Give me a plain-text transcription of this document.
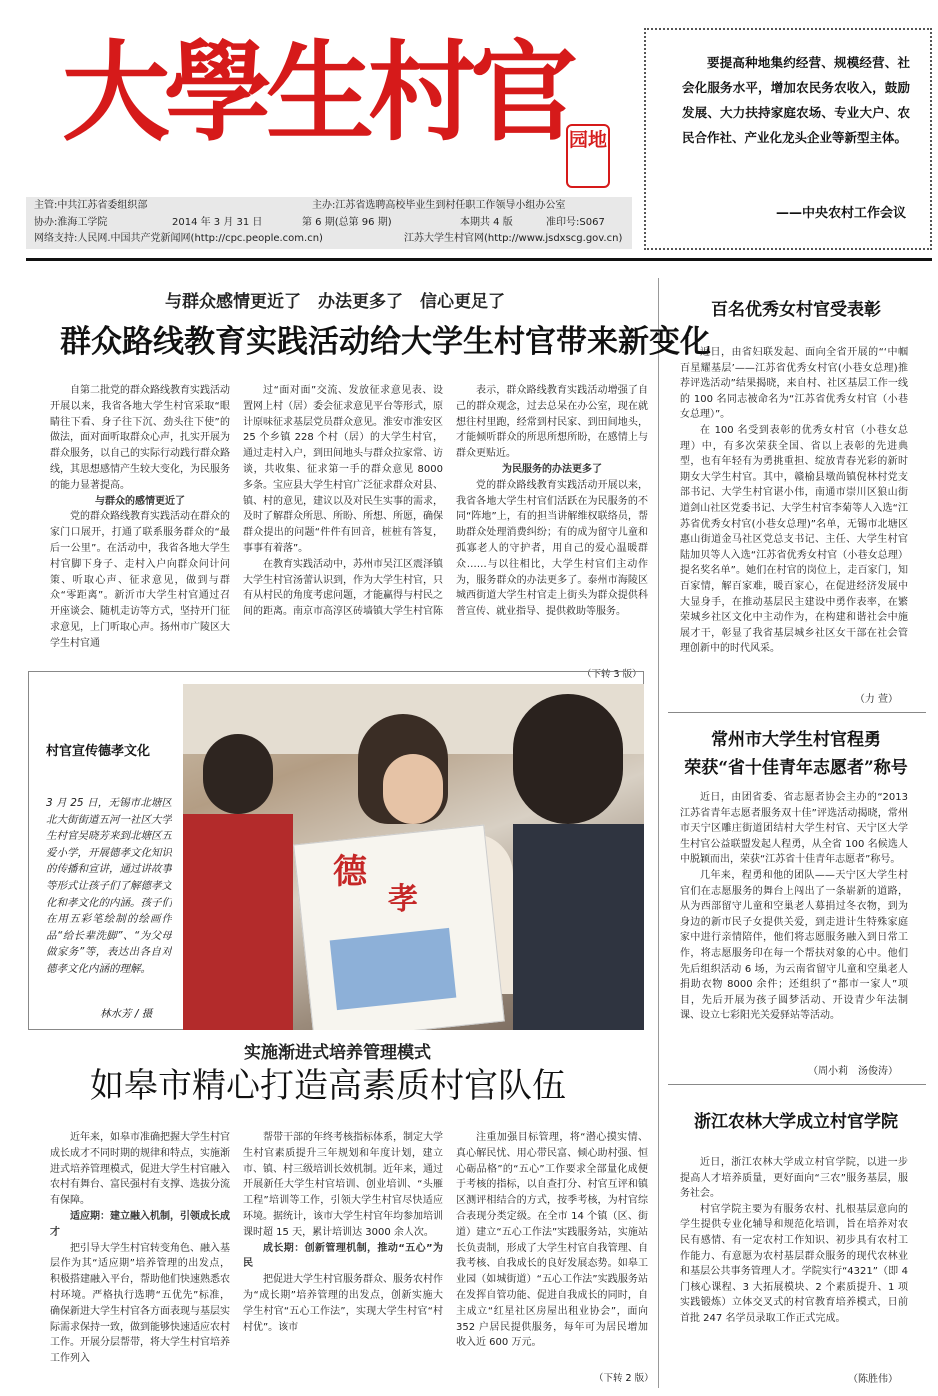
大學生村官
园地
要提高种地集约经营、规模经营、社会化服务水平，增加农民务农收入，鼓励发展、大力扶持家庭农场、专业大户、农民合作社、产业化龙头企业等新型主体。
——中央农村工作会议
主管:中共江苏省委组织部	主办:江苏省选聘高校毕业生到村任职工作领导小组办公室
协办:淮海工学院	2014 年 3 月 31 日	第 6 期(总第 96 期)	本期共 4 版	准印号:S067
网络支持:人民网.中国共产党新闻网(http://cpc.people.com.cn)	江苏大学生村官网(http://www.jsdxscg.gov.cn)
与群众感情更近了　办法更多了　信心更足了
群众路线教育实践活动给大学生村官带来新变化

自第二批党的群众路线教育实践活动开展以来，我省各地大学生村官采取“眼睛往下看、身子往下沉、劲头往下使”的做法，面对面听取群众心声，扎实开展为群众服务，以自己的实际行动践行群众路线，其思想感情产生较大变化，为民服务的能力显著提高。

与群众的感情更近了

党的群众路线教育实践活动在群众的家门口展开，打通了联系服务群众的“最后一公里”。在活动中，我省各地大学生村官脚下身子、走村入户向群众问计问策、听取心声、征求意见，做到与群众“零距离”。新沂市大学生村官通过召开座谈会、随机走访等方式，坚持开门征求意见，上门听取心声。扬州市广陵区大学生村官通

过“面对面”交流、发放征求意见表、设置网上村（居）委会征求意见平台等形式，原计原味征求基层党员群众意见。淮安市淮安区 25 个乡镇 228 个村（居）的大学生村官，通过走村入户，到田间地头与群众拉家常、访谈，共收集、征求第一手的群众意见 8000 多条。宝应县大学生村官广泛征求群众对县、镇、村的意见，建议以及对民生实事的需求，及时了解群众所思、所盼、所想、所愿，确保群众提出的问题“件件有回音，桩桩有答复，事事有着落”。

在教育实践活动中，苏州市吴江区震泽镇大学生村官汤蕾认识到，作为大学生村官，只有从村民的角度考虑问题，才能赢得与村民之间的距离。南京市高淳区砖墙镇大学生村官陈

表示，群众路线教育实践活动增强了自己的群众观念，过去总呆在办公室，现在就想往村里跑，经常到村民家、到田间地头，才能倾听群众的所思所想所盼，在感情上与群众更贴近。

为民服务的办法更多了

党的群众路线教育实践活动开展以来，我省各地大学生村官们活跃在为民服务的不同“阵地”上，有的担当讲解维权联络员，帮助群众处理消费纠纷；有的成为留守儿童和孤寡老人的守护者，用自己的爱心温暖群众……与以往相比，大学生村官们主动作为，服务群众的办法更多了。泰州市海陵区城西街道大学生村官走上街头为群众提供科普宣传、就业指导、提供救助等服务。

（下转 3 版）
村官宣传德孝文化
3 月 25 日，无锡市北塘区北大街街道五河一社区大学生村官吴晓芳来到北塘区五爱小学，开展德孝文化知识的传播和宣讲，通过讲故事等形式让孩子们了解德孝文化和孝文化的内涵。孩子们在用五彩笔绘制的绘画作品“给长辈洗脚”、“为父母做家务”等，表达出各自对德孝文化内涵的理解。
林水芳 / 摄
德
孝
实施渐进式培养管理模式
如皋市精心打造高素质村官队伍

近年来，如皋市准确把握大学生村官成长成才不同时期的规律和特点，实施渐进式培养管理模式，促进大学生村官融入农村有舞台、富民强村有支撑、选拔分流有保障。

适应期：建立融入机制，引领成长成才

把引导大学生村官转变角色、融入基层作为其“适应期”培养管理的出发点，积极搭建融入平台，帮助他们快速熟悉农村环境。严格执行选聘“五优先”标准，确保新进大学生村官各方面表现与基层实际需求保持一致，做到能够快速适应农村工作。开展分层帮带，将大学生村官培养工作列入

帮带干部的年终考核指标体系，制定大学生村官素质提升三年规划和年度计划，建立市、镇、村三级培训长效机制。近年来，通过开展新任大学生村官培训、创业培训、“头雁工程”培训等工作，引领大学生村官尽快适应环境。据统计，该市大学生村官年均参加培训课时超 15 天，累计培训达 3000 余人次。

成长期：创新管理机制，推动“五心”为民

把促进大学生村官服务群众、服务农村作为“成长期”培养管理的出发点，创新实施大学生村官“五心工作法”，实现大学生村官“村村优”。该市

注重加强目标管理，将“潜心摸实情、真心解民忧、用心带民富、倾心助村强、恒心砺品格”的“五心”工作要求全部量化成便于考核的指标，以自查打分、村官互评和镇区测评相结合的方式，按季考核，为村官综合表现分类定级。在全市 14 个镇（区、街道）建立“五心工作法”实践服务站，实施站长负责制，形成了大学生村官自我管理、自我考核、自我成长的良好发展态势。如皋工业园（如城街道）“五心工作法”实践服务站在发挥自管功能、促进自我成长的同时，自主成立“红星社区房屋出租业协会”，面向 352 户居民提供服务，每年可为居民增加收入近 600 万元。

（下转 2 版）
百名优秀女村官受表彰

近日，由省妇联发起、面向全省开展的“‘中帼百星耀基层’——江苏省优秀女村官(小巷女总理)推荐评选活动”结果揭晓，来自村、社区基层工作一线的 100 名同志被命名为“江苏省优秀女村官（小巷女总理）”。

在 100 名受到表彰的优秀女村官（小巷女总理）中，有多次荣获全国、省以上表彰的先进典型，也有年轻有为勇挑重担、绽放青春光彩的新时期女大学生村官。其中，赣榆县墩尚镇倪林村党支部书记、大学生村官谌小伟，南通市崇川区狼山街道剑山社区党委书记、大学生村官李菊等人入选“江苏省优秀女村官(小巷女总理)”名单，无锡市北塘区惠山街道金马社区党总支书记、主任、大学生村官陆加贝等人入选“江苏省优秀女村官（小巷女总理）提名奖名单”。她们在村官的岗位上，走百家门，知百家情，解百家难，暖百家心，在促进经济发展中大显身手，在推动基层民主建设中勇作表率，在繁荣城乡社区文化中主动作为，在构建和谐社会中施展才干，彰显了我省基层城乡社区女干部在社会管理创新中的时代风采。

（力 萱）
常州市大学生村官程勇
荣获“省十佳青年志愿者”称号

近日，由团省委、省志愿者协会主办的“2013 江苏省青年志愿者服务双十佳”评选活动揭晓，常州市天宁区雕庄街道团结村大学生村官、天宁区大学生村官公益联盟发起人程勇，从全省 100 名候选人中脱颖而出，荣获“江苏省十佳青年志愿者”称号。

几年来，程勇和他的团队——天宁区大学生村官们在志愿服务的舞台上闯出了一条崭新的道路，从为西部留守儿童和空巢老人募捐过冬衣物，到为身边的新市民子女提供关爱，到走进计生特殊家庭家中进行亲情陪伴，他们将志愿服务融入到日常工作，将志愿服务印在每一个帮扶对象的心中。他们先后组织活动 6 场，为云南省留守儿童和空巢老人捐助衣物 8000 余件；还组织了“都市一家人”项目，先后开展为孩子圆梦活动、开设青少年法制课、设立七彩阳光关爱驿站等活动。

（周小莉　汤俊涛）
浙江农林大学成立村官学院

近日，浙江农林大学成立村官学院，以进一步提高人才培养质量，更好面向“三农”服务基层，服务社会。

村官学院主要为有服务农村、扎根基层意向的学生提供专业化辅导和规范化培训，旨在培养对农民有感情、有一定农村工作知识、初步具有农村工作能力、有意愿为农村基层群众服务的现代农林业和基层公共事务管理人才。学院实行“4321”（即 4 门核心课程、3 大拓展模块、2 个素质提升、1 项实践锻炼）立体交叉式的村官教育培养模式，日前首批 247 名学员录取工作正式完成。

（陈胜伟）
